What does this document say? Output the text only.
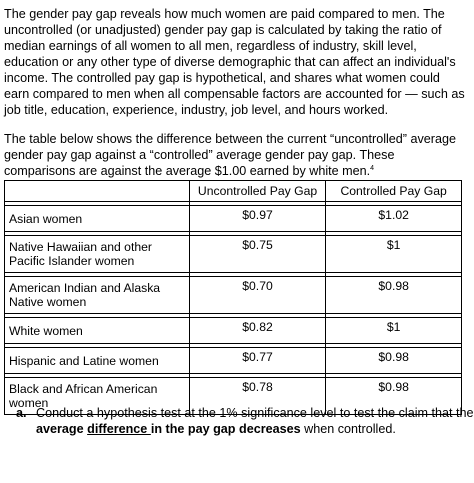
The gender pay gap reveals how much women are paid compared to men. The uncontrolled (or unadjusted) gender pay gap is calculated by taking the ratio of median earnings of all women to all men, regardless of industry, skill level, education or any other type of diverse demographic that can affect an individual's income. The controlled pay gap is hypothetical, and shares what women could earn compared to men when all compensable factors are accounted for — such as job title, education, experience, industry, job level, and hours worked.

The table below shows the difference between the current “uncontrolled” average gender pay gap against a “controlled” average gender pay gap. These comparisons are against the average $1.00 earned by white men.$^4$

	Uncontrolled Pay Gap	Controlled Pay Gap

Asian women	$0.97	$1.02

Native Hawaiian and other Pacific Islander women	$0.75	$1

American Indian and Alaska Native women	$0.70	$0.98

White women	$0.82	$1

Hispanic and Latine women	$0.77	$0.98

Black and African American women	$0.78	$0.98

a. Conduct a hypothesis test at the 1% significance level to test the claim that the average difference in the pay gap decreases when controlled.
